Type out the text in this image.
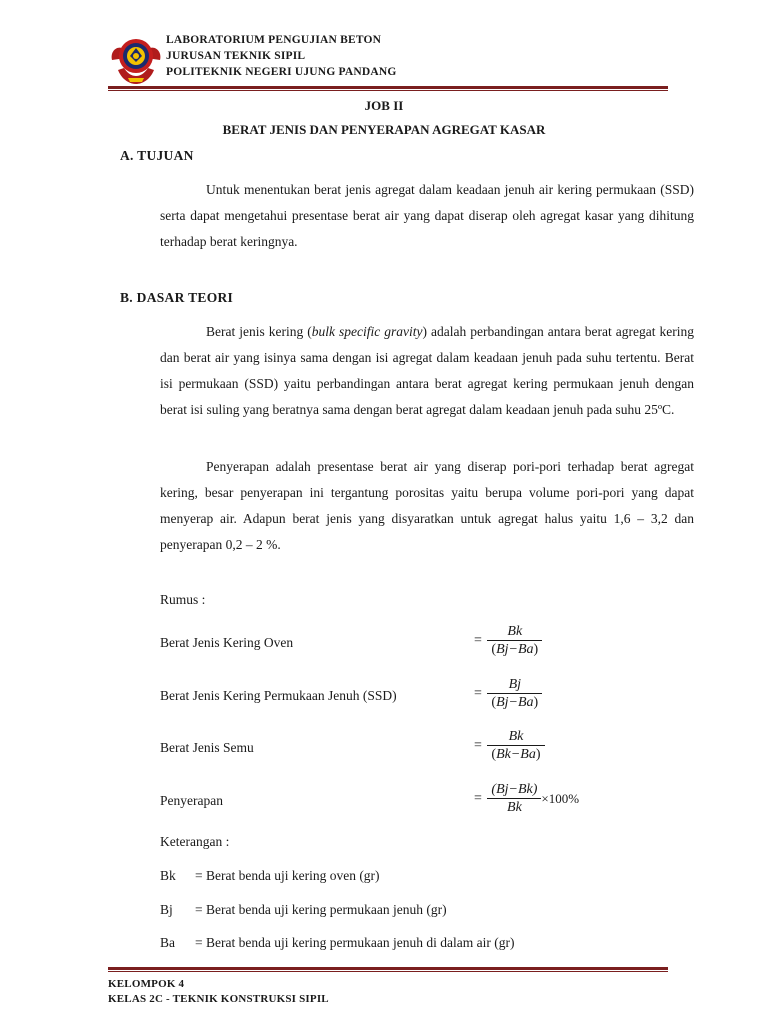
LABORATORIUM PENGUJIAN BETON
JURUSAN TEKNIK SIPIL
POLITEKNIK NEGERI UJUNG PANDANG
JOB II
BERAT JENIS DAN PENYERAPAN AGREGAT KASAR
A. TUJUAN

Untuk menentukan berat jenis agregat dalam keadaan jenuh air kering permukaan (SSD) serta dapat mengetahui presentase berat air yang dapat diserap oleh agregat kasar yang dihitung terhadap berat keringnya.

B. DASAR TEORI

Berat jenis kering (bulk specific gravity) adalah perbandingan antara berat agregat kering dan berat air yang isinya sama dengan isi agregat dalam keadaan jenuh pada suhu tertentu. Berat isi permukaan (SSD) yaitu perbandingan antara berat agregat kering permukaan jenuh dengan berat isi suling yang beratnya sama dengan berat agregat dalam keadaan jenuh pada suhu 25ºC.

Penyerapan adalah presentase berat air yang diserap pori-pori terhadap berat agregat kering, besar penyerapan ini tergantung porositas yaitu berupa volume pori-pori yang dapat menyerap air. Adapun berat jenis yang disyaratkan untuk agregat halus yaitu 1,6 – 3,2 dan penyerapan 0,2 – 2 %.

Rumus :
Berat Jenis Kering Oven	= $\frac{Bk}{(Bj-Ba)}$
Berat Jenis Kering Permukaan Jenuh (SSD)	= $\frac{Bj}{(Bj-Ba)}$
Berat Jenis Semu	= $\frac{Bk}{(Bk-Ba)}$
Penyerapan	= $\frac{(Bj-Bk)}{Bk} \times 100\%$
Keterangan :
Bk = Berat benda uji kering oven (gr)
Bj = Berat benda uji kering permukaan jenuh (gr)
Ba = Berat benda uji kering permukaan jenuh di dalam air (gr)
KELOMPOK 4
KELAS 2C - TEKNIK KONSTRUKSI SIPIL
